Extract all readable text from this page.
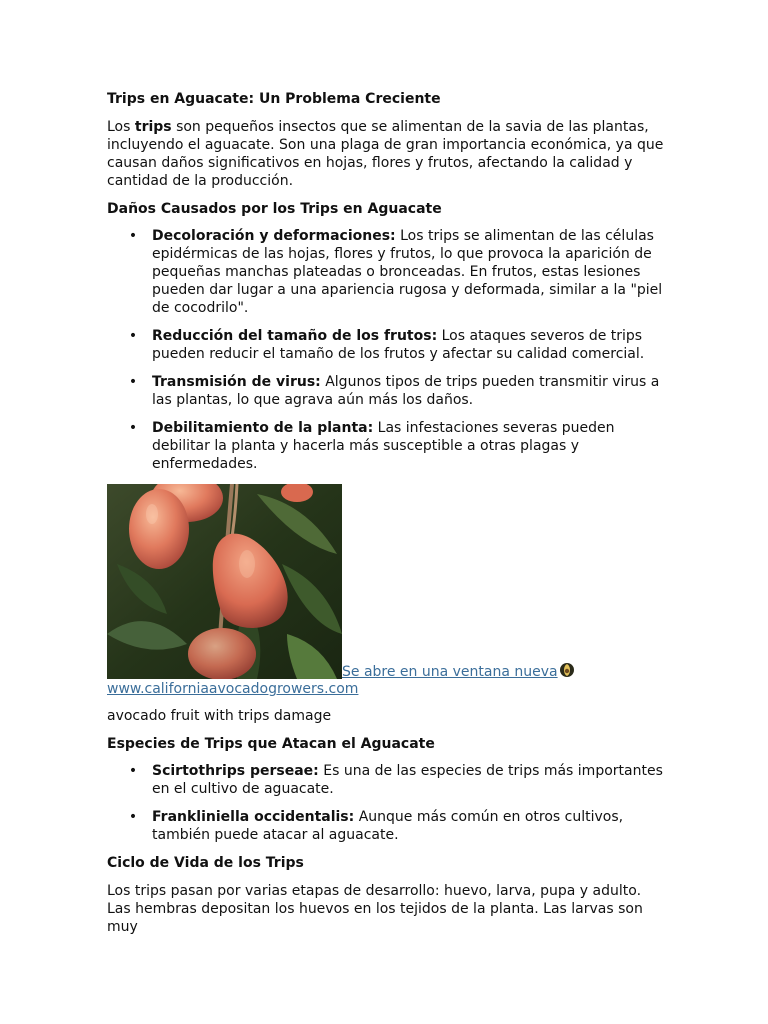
Trips en Aguacate: Un Problema Creciente

Los trips son pequeños insectos que se alimentan de la savia de las plantas, incluyendo el aguacate. Son una plaga de gran importancia económica, ya que causan daños significativos en hojas, flores y frutos, afectando la calidad y cantidad de la producción.

Daños Causados por los Trips en Aguacate
• Decoloración y deformaciones: Los trips se alimentan de las células epidérmicas de las hojas, flores y frutos, lo que provoca la aparición de pequeñas manchas plateadas o bronceadas. En frutos, estas lesiones pueden dar lugar a una apariencia rugosa y deformada, similar a la "piel de cocodrilo".
• Reducción del tamaño de los frutos: Los ataques severos de trips pueden reducir el tamaño de los frutos y afectar su calidad comercial.
• Transmisión de virus: Algunos tipos de trips pueden transmitir virus a las plantas, lo que agrava aún más los daños.
• Debilitamiento de la planta: Las infestaciones severas pueden debilitar la planta y hacerla más susceptible a otras plagas y enfermedades.
Se abre en una ventana nueva
www.californiaavocadogrowers.com

avocado fruit with trips damage

Especies de Trips que Atacan el Aguacate
• Scirtothrips perseae: Es una de las especies de trips más importantes en el cultivo de aguacate.
• Frankliniella occidentalis: Aunque más común en otros cultivos, también puede atacar al aguacate.
Ciclo de Vida de los Trips

Los trips pasan por varias etapas de desarrollo: huevo, larva, pupa y adulto. Las hembras depositan los huevos en los tejidos de la planta. Las larvas son muy
